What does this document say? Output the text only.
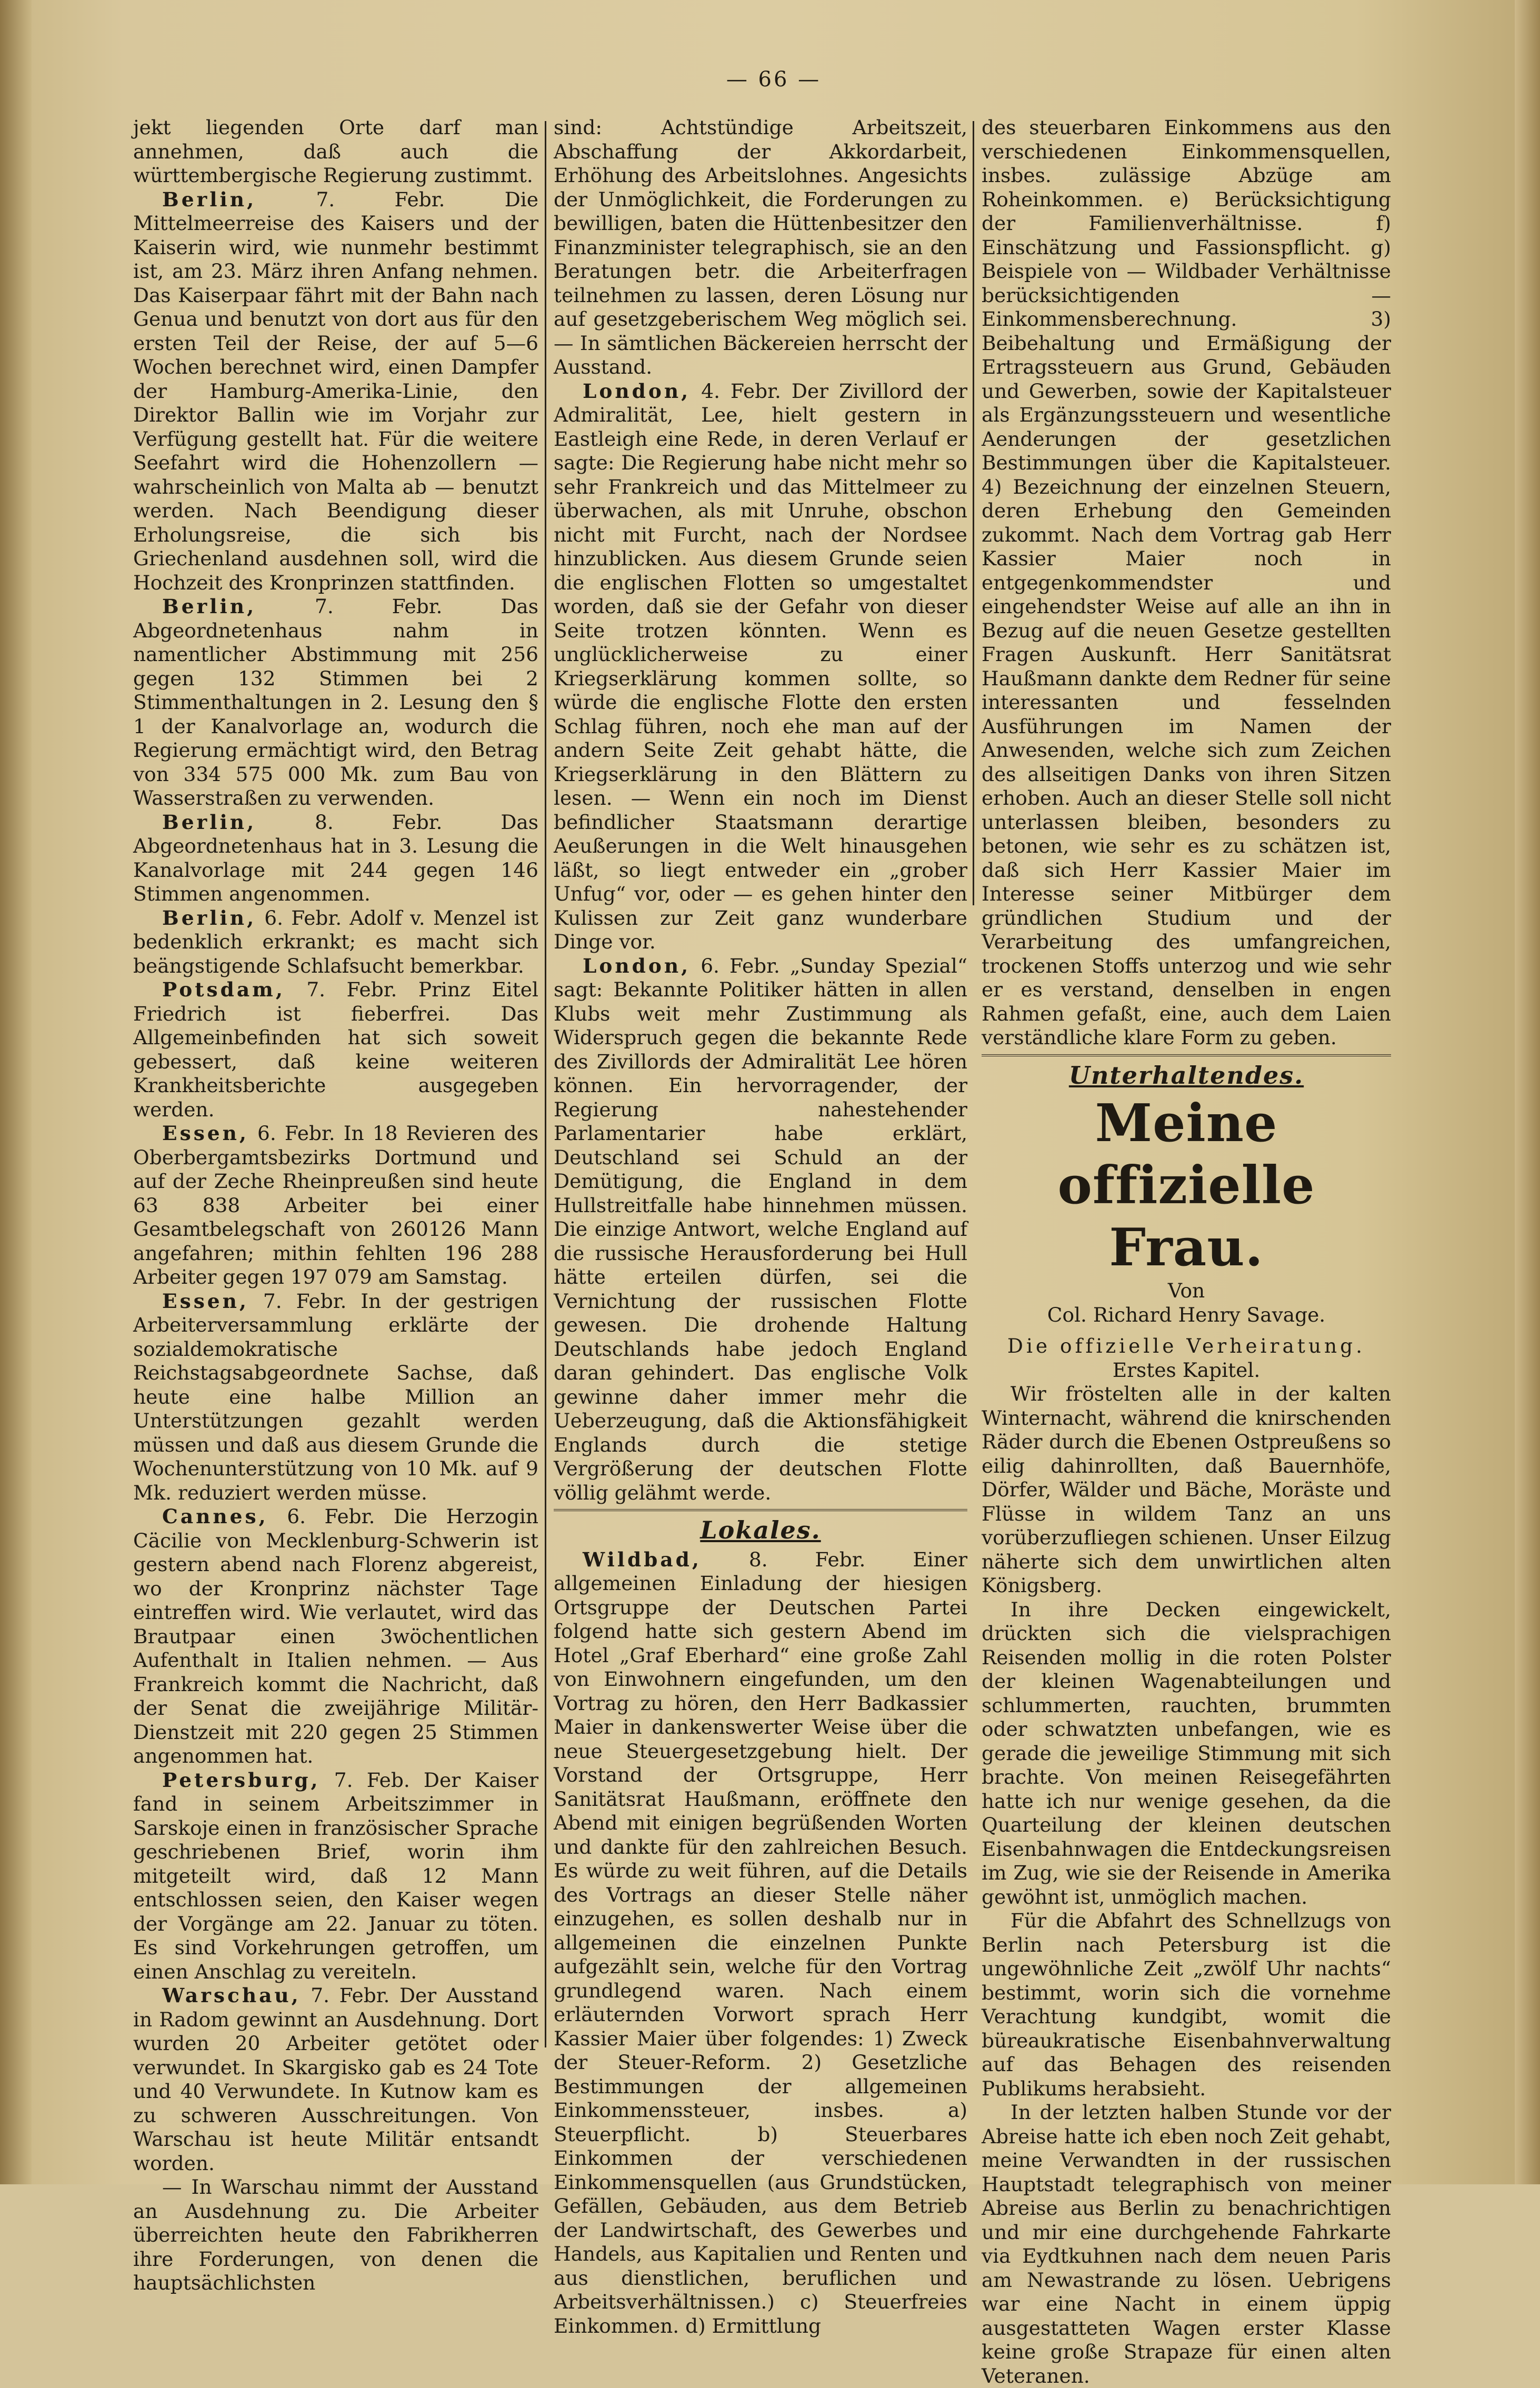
— 66 —

jekt liegenden Orte darf man annehmen, daß auch die württembergische Regierung zustimmt.

Berlin, 7. Febr. Die Mittelmeerreise des Kaisers und der Kaiserin wird, wie nunmehr bestimmt ist, am 23. März ihren Anfang nehmen. Das Kaiserpaar fährt mit der Bahn nach Genua und benutzt von dort aus für den ersten Teil der Reise, der auf 5—6 Wochen berechnet wird, einen Dampfer der Hamburg-Amerika-Linie, den Direktor Ballin wie im Vorjahr zur Verfügung gestellt hat. Für die weitere Seefahrt wird die Hohenzollern — wahrscheinlich von Malta ab — benutzt werden. Nach Beendigung dieser Erholungsreise, die sich bis Griechenland ausdehnen soll, wird die Hochzeit des Kronprinzen stattfinden.

Berlin, 7. Febr. Das Abgeordnetenhaus nahm in namentlicher Abstimmung mit 256 gegen 132 Stimmen bei 2 Stimmenthaltungen in 2. Lesung den § 1 der Kanalvorlage an, wodurch die Regierung ermächtigt wird, den Betrag von 334 575 000 Mk. zum Bau von Wasserstraßen zu verwenden.

Berlin, 8. Febr. Das Abgeordnetenhaus hat in 3. Lesung die Kanalvorlage mit 244 gegen 146 Stimmen angenommen.

Berlin, 6. Febr. Adolf v. Menzel ist bedenklich erkrankt; es macht sich beängstigende Schlafsucht bemerkbar.

Potsdam, 7. Febr. Prinz Eitel Friedrich ist fieberfrei. Das Allgemeinbefinden hat sich soweit gebessert, daß keine weiteren Krankheitsberichte ausgegeben werden.

Essen, 6. Febr. In 18 Revieren des Oberbergamtsbezirks Dortmund und auf der Zeche Rheinpreußen sind heute 63 838 Arbeiter bei einer Gesamtbelegschaft von 260126 Mann angefahren; mithin fehlten 196 288 Arbeiter gegen 197 079 am Samstag.

Essen, 7. Febr. In der gestrigen Arbeiterversammlung erklärte der sozialdemokratische Reichstagsabgeordnete Sachse, daß heute eine halbe Million an Unterstützungen gezahlt werden müssen und daß aus diesem Grunde die Wochenunterstützung von 10 Mk. auf 9 Mk. reduziert werden müsse.

Cannes, 6. Febr. Die Herzogin Cäcilie von Mecklenburg-Schwerin ist gestern abend nach Florenz abgereist, wo der Kronprinz nächster Tage eintreffen wird. Wie verlautet, wird das Brautpaar einen 3wöchentlichen Aufenthalt in Italien nehmen. — Aus Frankreich kommt die Nachricht, daß der Senat die zweijährige Militär-Dienstzeit mit 220 gegen 25 Stimmen angenommen hat.

Petersburg, 7. Feb. Der Kaiser fand in seinem Arbeitszimmer in Sarskoje einen in französischer Sprache geschriebenen Brief, worin ihm mitgeteilt wird, daß 12 Mann entschlossen seien, den Kaiser wegen der Vorgänge am 22. Januar zu töten. Es sind Vorkehrungen getroffen, um einen Anschlag zu vereiteln.

Warschau, 7. Febr. Der Ausstand in Radom gewinnt an Ausdehnung. Dort wurden 20 Arbeiter getötet oder verwundet. In Skargisko gab es 24 Tote und 40 Verwundete. In Kutnow kam es zu schweren Ausschreitungen. Von Warschau ist heute Militär entsandt worden.

— In Warschau nimmt der Ausstand an Ausdehnung zu. Die Arbeiter überreichten heute den Fabrikherren ihre Forderungen, von denen die hauptsächlichsten

sind: Achtstündige Arbeitszeit, Abschaffung der Akkordarbeit, Erhöhung des Arbeitslohnes. Angesichts der Unmöglichkeit, die Forderungen zu bewilligen, baten die Hüttenbesitzer den Finanzminister telegraphisch, sie an den Beratungen betr. die Arbeiterfragen teilnehmen zu lassen, deren Lösung nur auf gesetzgeberischem Weg möglich sei. — In sämtlichen Bäckereien herrscht der Ausstand.

London, 4. Febr. Der Zivillord der Admiralität, Lee, hielt gestern in Eastleigh eine Rede, in deren Verlauf er sagte: Die Regierung habe nicht mehr so sehr Frankreich und das Mittelmeer zu überwachen, als mit Unruhe, obschon nicht mit Furcht, nach der Nordsee hinzublicken. Aus diesem Grunde seien die englischen Flotten so umgestaltet worden, daß sie der Gefahr von dieser Seite trotzen könnten. Wenn es unglücklicherweise zu einer Kriegserklärung kommen sollte, so würde die englische Flotte den ersten Schlag führen, noch ehe man auf der andern Seite Zeit gehabt hätte, die Kriegserklärung in den Blättern zu lesen. — Wenn ein noch im Dienst befindlicher Staatsmann derartige Aeußerungen in die Welt hinausgehen läßt, so liegt entweder ein „grober Unfug“ vor, oder — es gehen hinter den Kulissen zur Zeit ganz wunderbare Dinge vor.

London, 6. Febr. „Sunday Spezial“ sagt: Bekannte Politiker hätten in allen Klubs weit mehr Zustimmung als Widerspruch gegen die bekannte Rede des Zivillords der Admiralität Lee hören können. Ein hervorragender, der Regierung nahestehender Parlamentarier habe erklärt, Deutschland sei Schuld an der Demütigung, die England in dem Hullstreitfalle habe hinnehmen müssen. Die einzige Antwort, welche England auf die russische Herausforderung bei Hull hätte erteilen dürfen, sei die Vernichtung der russischen Flotte gewesen. Die drohende Haltung Deutschlands habe jedoch England daran gehindert. Das englische Volk gewinne daher immer mehr die Ueberzeugung, daß die Aktionsfähigkeit Englands durch die stetige Vergrößerung der deutschen Flotte völlig gelähmt werde.

Lokales.

Wildbad, 8. Febr. Einer allgemeinen Einladung der hiesigen Ortsgruppe der Deutschen Partei folgend hatte sich gestern Abend im Hotel „Graf Eberhard“ eine große Zahl von Einwohnern eingefunden, um den Vortrag zu hören, den Herr Badkassier Maier in dankenswerter Weise über die neue Steuergesetzgebung hielt. Der Vorstand der Ortsgruppe, Herr Sanitätsrat Haußmann, eröffnete den Abend mit einigen begrüßenden Worten und dankte für den zahlreichen Besuch. Es würde zu weit führen, auf die Details des Vortrags an dieser Stelle näher einzugehen, es sollen deshalb nur in allgemeinen die einzelnen Punkte aufgezählt sein, welche für den Vortrag grundlegend waren. Nach einem erläuternden Vorwort sprach Herr Kassier Maier über folgendes: 1) Zweck der Steuer-Reform. 2) Gesetzliche Bestimmungen der allgemeinen Einkommenssteuer, insbes. a) Steuerpflicht. b) Steuerbares Einkommen der verschiedenen Einkommensquellen (aus Grundstücken, Gefällen, Gebäuden, aus dem Betrieb der Landwirtschaft, des Gewerbes und Handels, aus Kapitalien und Renten und aus dienstlichen, beruflichen und Arbeitsverhältnissen.) c) Steuerfreies Einkommen. d) Ermittlung

des steuerbaren Einkommens aus den verschiedenen Einkommensquellen, insbes. zulässige Abzüge am Roheinkommen. e) Berücksichtigung der Familienverhältnisse. f) Einschätzung und Fassionspflicht. g) Beispiele von — Wildbader Verhältnisse berücksichtigenden — Einkommensberechnung. 3) Beibehaltung und Ermäßigung der Ertragssteuern aus Grund, Gebäuden und Gewerben, sowie der Kapitalsteuer als Ergänzungssteuern und wesentliche Aenderungen der gesetzlichen Bestimmungen über die Kapitalsteuer. 4) Bezeichnung der einzelnen Steuern, deren Erhebung den Gemeinden zukommt. Nach dem Vortrag gab Herr Kassier Maier noch in entgegenkommendster und eingehendster Weise auf alle an ihn in Bezug auf die neuen Gesetze gestellten Fragen Auskunft. Herr Sanitätsrat Haußmann dankte dem Redner für seine interessanten und fesselnden Ausführungen im Namen der Anwesenden, welche sich zum Zeichen des allseitigen Danks von ihren Sitzen erhoben. Auch an dieser Stelle soll nicht unterlassen bleiben, besonders zu betonen, wie sehr es zu schätzen ist, daß sich Herr Kassier Maier im Interesse seiner Mitbürger dem gründlichen Studium und der Verarbeitung des umfangreichen, trockenen Stoffs unterzog und wie sehr er es verstand, denselben in engen Rahmen gefaßt, eine, auch dem Laien verständliche klare Form zu geben.

Unterhaltendes.
Meine offizielle Frau.

Von

Col. Richard Henry Savage.

Die offizielle Verheiratung.

Erstes Kapitel.

Wir fröstelten alle in der kalten Winternacht, während die knirschenden Räder durch die Ebenen Ostpreußens so eilig dahinrollten, daß Bauernhöfe, Dörfer, Wälder und Bäche, Moräste und Flüsse in wildem Tanz an uns vorüberzufliegen schienen. Unser Eilzug näherte sich dem unwirtlichen alten Königsberg.

In ihre Decken eingewickelt, drückten sich die vielsprachigen Reisenden mollig in die roten Polster der kleinen Wagenabteilungen und schlummerten, rauchten, brummten oder schwatzten unbefangen, wie es gerade die jeweilige Stimmung mit sich brachte. Von meinen Reisegefährten hatte ich nur wenige gesehen, da die Quarteilung der kleinen deutschen Eisenbahnwagen die Entdeckungsreisen im Zug, wie sie der Reisende in Amerika gewöhnt ist, unmöglich machen.

Für die Abfahrt des Schnellzugs von Berlin nach Petersburg ist die ungewöhnliche Zeit „zwölf Uhr nachts“ bestimmt, worin sich die vornehme Verachtung kundgibt, womit die büreaukratische Eisenbahnverwaltung auf das Behagen des reisenden Publikums herabsieht.

In der letzten halben Stunde vor der Abreise hatte ich eben noch Zeit gehabt, meine Verwandten in der russischen Hauptstadt telegraphisch von meiner Abreise aus Berlin zu benachrichtigen und mir eine durchgehende Fahrkarte via Eydtkuhnen nach dem neuen Paris am Newastrande zu lösen. Uebrigens war eine Nacht in einem üppig ausgestatteten Wagen erster Klasse keine große Strapaze für einen alten Veteranen.
